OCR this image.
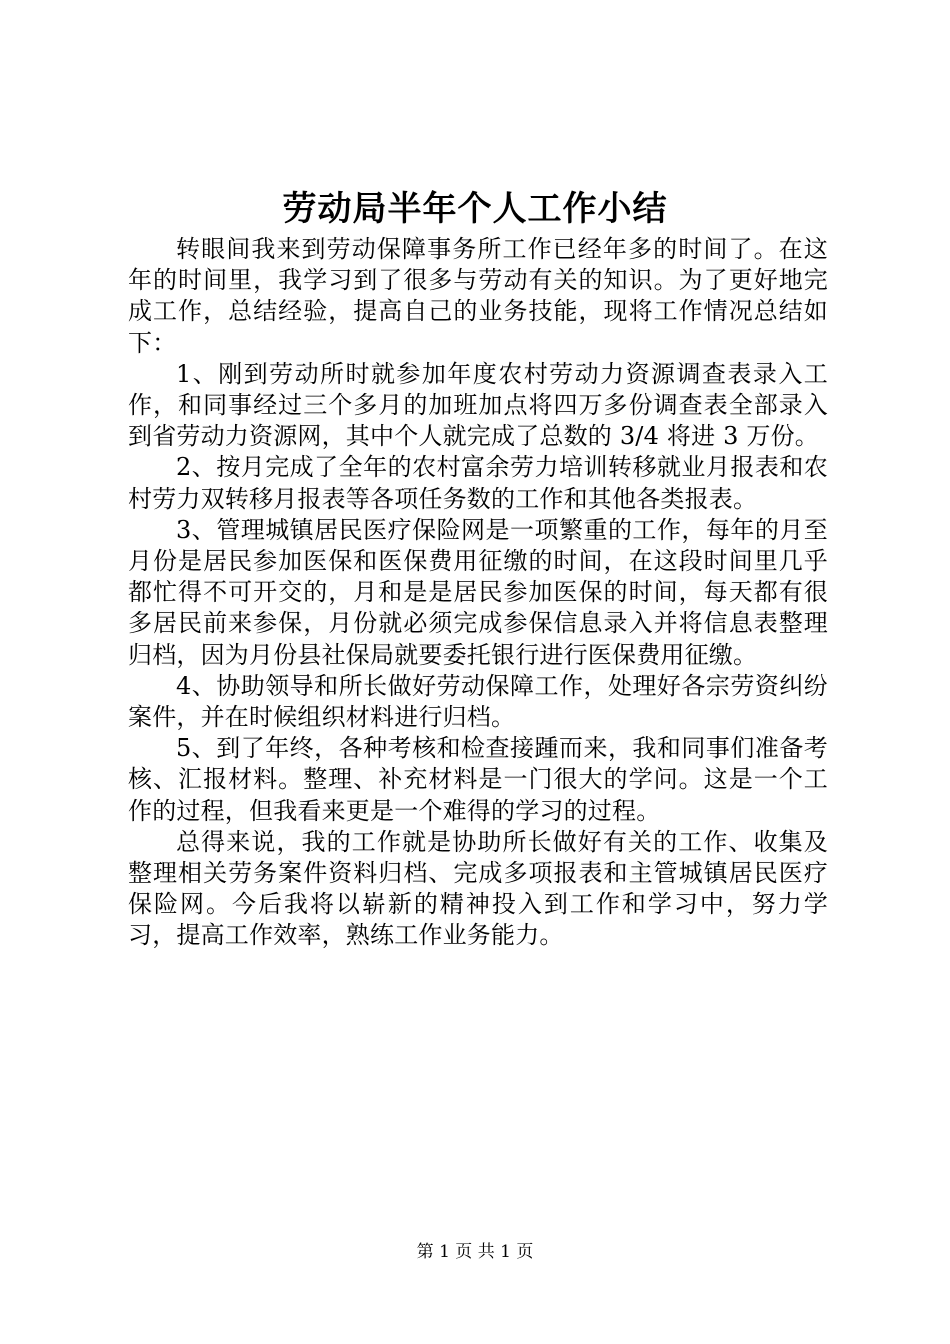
劳动局半年个人工作小结

转眼间我来到劳动保障事务所工作已经年多的时间了。在这年的时间里，我学习到了很多与劳动有关的知识。为了更好地完成工作，总结经验，提高自己的业务技能，现将工作情况总结如下：

1、刚到劳动所时就参加年度农村劳动力资源调查表录入工作，和同事经过三个多月的加班加点将四万多份调查表全部录入到省劳动力资源网，其中个人就完成了总数的 3/4 将进 3 万份。

2、按月完成了全年的农村富余劳力培训转移就业月报表和农村劳力双转移月报表等各项任务数的工作和其他各类报表。

3、管理城镇居民医疗保险网是一项繁重的工作，每年的月至月份是居民参加医保和医保费用征缴的时间，在这段时间里几乎都忙得不可开交的，月和是是居民参加医保的时间，每天都有很多居民前来参保，月份就必须完成参保信息录入并将信息表整理归档，因为月份县社保局就要委托银行进行医保费用征缴。

4、协助领导和所长做好劳动保障工作，处理好各宗劳资纠纷案件，并在时候组织材料进行归档。

5、到了年终，各种考核和检查接踵而来，我和同事们准备考核、汇报材料。整理、补充材料是一门很大的学问。这是一个工作的过程，但我看来更是一个难得的学习的过程。

总得来说，我的工作就是协助所长做好有关的工作、收集及整理相关劳务案件资料归档、完成多项报表和主管城镇居民医疗保险网。今后我将以崭新的精神投入到工作和学习中，努力学习，提高工作效率，熟练工作业务能力。

第 1 页 共 1 页
